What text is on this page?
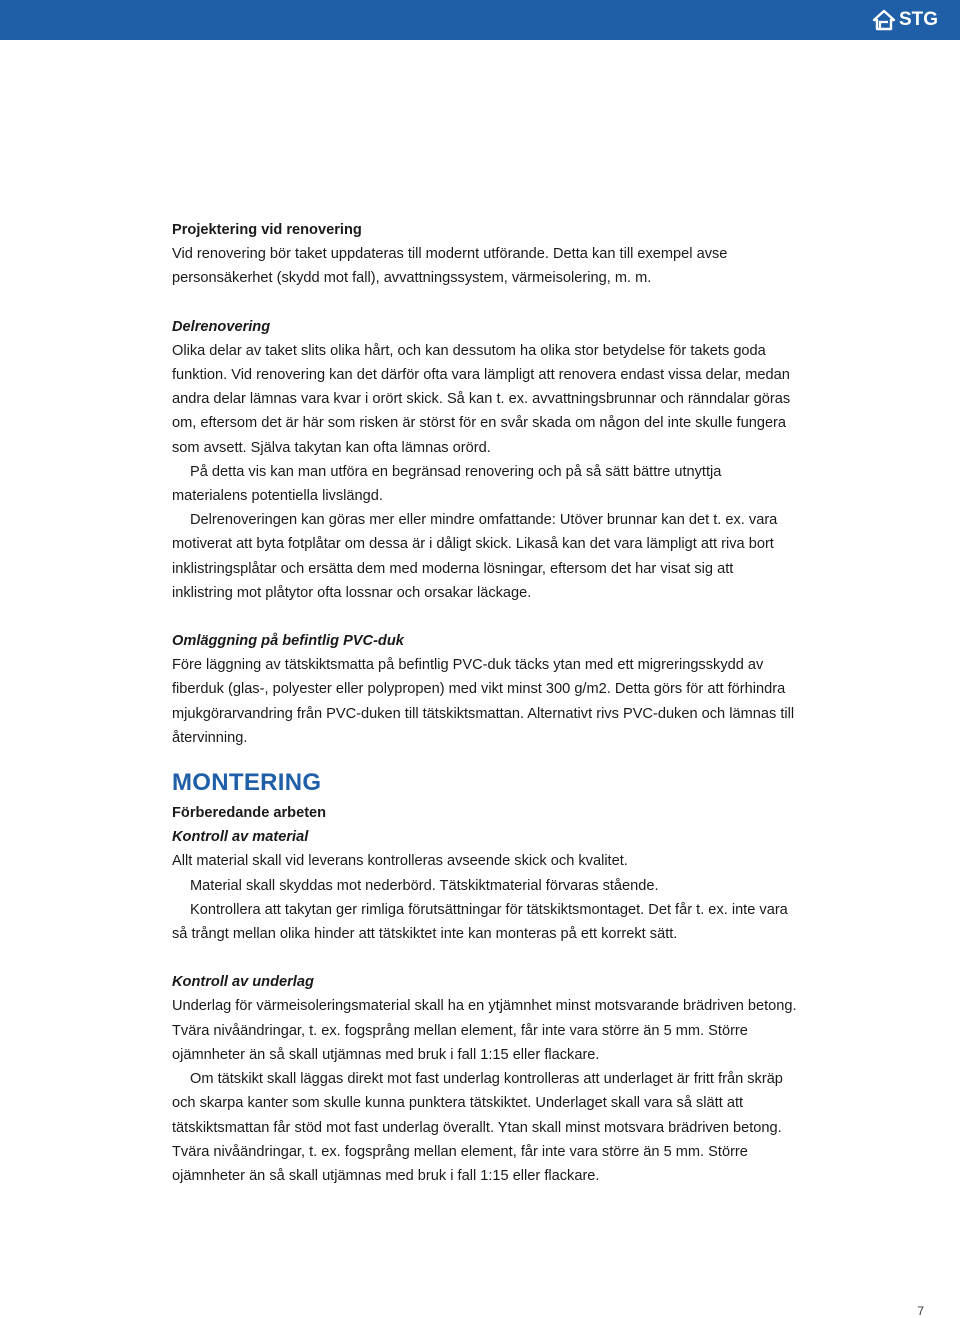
STG

Projektering vid renovering

Vid renovering bör taket uppdateras till modernt utförande. Detta kan till exempel avse personsäkerhet (skydd mot fall), avvattningssystem, värmeisolering, m. m.

Delrenovering

Olika delar av taket slits olika hårt, och kan dessutom ha olika stor betydelse för takets goda funktion. Vid renovering kan det därför ofta vara lämpligt att renovera endast vissa delar, medan andra delar lämnas vara kvar i orört skick. Så kan t. ex. avvattningsbrunnar och ränndalar göras om, eftersom det är här som risken är störst för en svår skada om någon del inte skulle fungera som avsett. Själva takytan kan ofta lämnas orörd.

På detta vis kan man utföra en begränsad renovering och på så sätt bättre utnyttja materialens potentiella livslängd.

Delrenoveringen kan göras mer eller mindre omfattande: Utöver brunnar kan det t. ex. vara motiverat att byta fotplåtar om dessa är i dåligt skick. Likaså kan det vara lämpligt att riva bort inklistringsplåtar och ersätta dem med moderna lösningar, eftersom det har visat sig att inklistring mot plåtytor ofta lossnar och orsakar läckage.

Omläggning på befintlig PVC-duk

Före läggning av tätskiktsmatta på befintlig PVC-duk täcks ytan med ett migreringsskydd av fiberduk (glas-, polyester eller polypropen) med vikt minst 300 g/m2. Detta görs för att förhindra mjukgörarvandring från PVC-duken till tätskiktsmattan. Alternativt rivs PVC-duken och lämnas till återvinning.

MONTERING

Förberedande arbeten

Kontroll av material

Allt material skall vid leverans kontrolleras avseende skick och kvalitet.

Material skall skyddas mot nederbörd. Tätskiktmaterial förvaras stående.

Kontrollera att takytan ger rimliga förutsättningar för tätskiktsmontaget. Det får t. ex. inte vara så trångt mellan olika hinder att tätskiktet inte kan monteras på ett korrekt sätt.

Kontroll av underlag

Underlag för värmeisoleringsmaterial skall ha en ytjämnhet minst motsvarande brädriven betong. Tvära nivåändringar, t. ex. fogsprång mellan element, får inte vara större än 5 mm. Större ojämnheter än så skall utjämnas med bruk i fall 1:15 eller flackare.

Om tätskikt skall läggas direkt mot fast underlag kontrolleras att underlaget är fritt från skräp och skarpa kanter som skulle kunna punktera tätskiktet. Underlaget skall vara så slätt att tätskiktsmattan får stöd mot fast underlag överallt. Ytan skall minst motsvara brädriven betong. Tvära nivåändringar, t. ex. fogsprång mellan element, får inte vara större än 5 mm. Större ojämnheter än så skall utjämnas med bruk i fall 1:15 eller flackare.

7
